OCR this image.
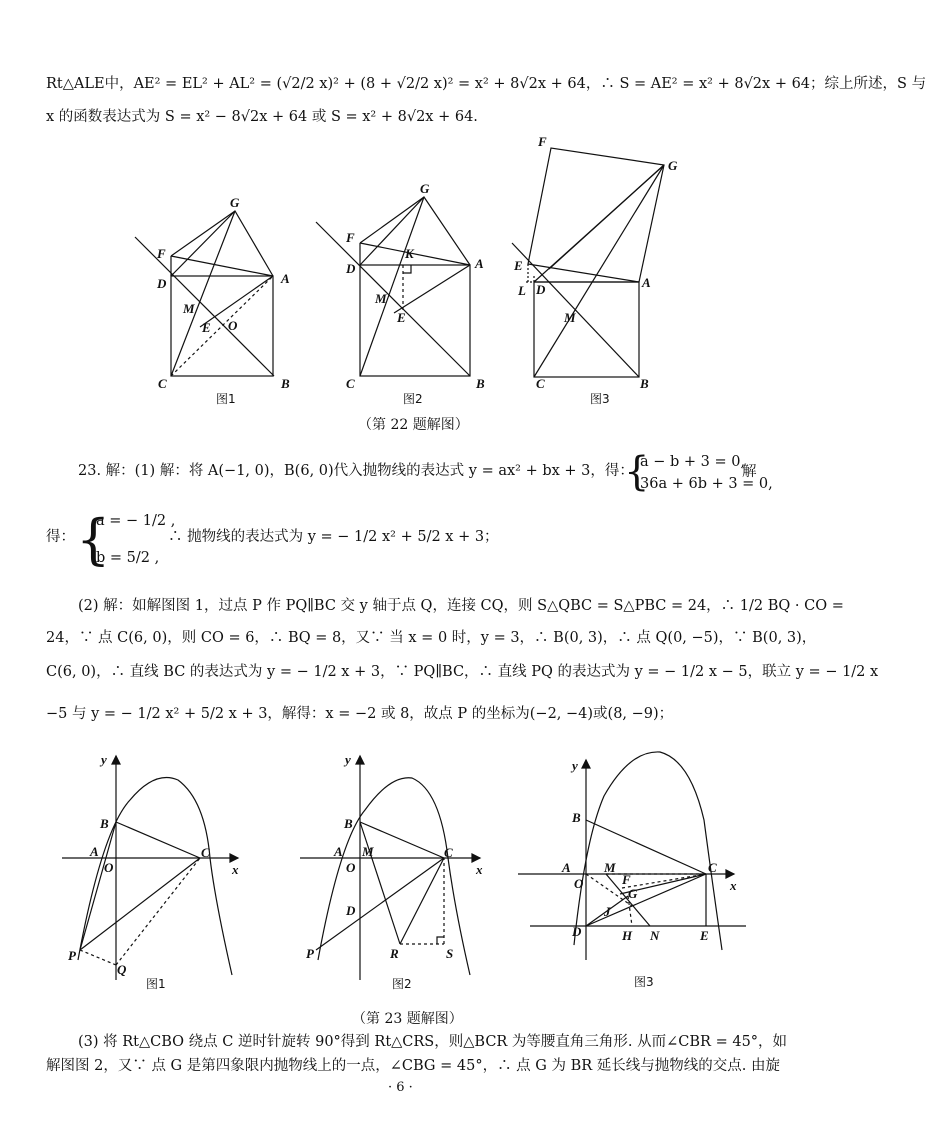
Rt△ALE中，AE² = EL² + AL² = (√2/2 x)² + (8 + √2/2 x)² = x² + 8√2x + 64，∴ S = AE² = x² + 8√2x + 64；综上所述，S 与
x 的函数表达式为 S = x² − 8√2x + 64 或 S = x² + 8√2x + 64.
G
F
D	A
M
E O
C	B
图1
G
F
K
D	A
M
E
C	B
图2
F
G
E
L D	A
M
C	B
图3
（第 22 题解图）
23. 解：(1) 解：将 A(−1, 0)，B(6, 0)代入抛物线的表达式 y = ax² + bx + 3，得：
{
a − b + 3 = 0,
36a + 6b + 3 = 0,
解
得： {
a = − 1/2 ,
b = 5/2 ,
∴ 抛物线的表达式为 y = − 1/2 x² + 5/2 x + 3；
(2) 解：如解图图 1，过点 P 作 PQ∥BC 交 y 轴于点 Q，连接 CQ，则 S△QBC = S△PBC = 24，∴ 1/2 BQ · CO =
24，∵ 点 C(6, 0)，则 CO = 6，∴ BQ = 8，又∵ 当 x = 0 时，y = 3，∴ B(0, 3)，∴ 点 Q(0, −5)，∵ B(0, 3)，
C(6, 0)，∴ 直线 BC 的表达式为 y = − 1/2 x + 3，∵ PQ∥BC，∴ 直线 PQ 的表达式为 y = − 1/2 x − 5，联立 y = − 1/2 x
−5 与 y = − 1/2 x² + 5/2 x + 3，解得：x = −2 或 8，故点 P 的坐标为(−2, −4)或(8, −9)；
y
B
A
O
C
x
P
Q
图1
y
B
A M
O
C
x
D
R	S
P
图2
y
B
A	M
O	F
G
C
x
J
D	H N	E
图3
（第 23 题解图）
(3) 将 Rt△CBO 绕点 C 逆时针旋转 90°得到 Rt△CRS，则△BCR 为等腰直角三角形. 从而∠CBR = 45°，如
解图图 2，又∵ 点 G 是第四象限内抛物线上的一点，∠CBG = 45°，∴ 点 G 为 BR 延长线与抛物线的交点. 由旋
· 6 ·
